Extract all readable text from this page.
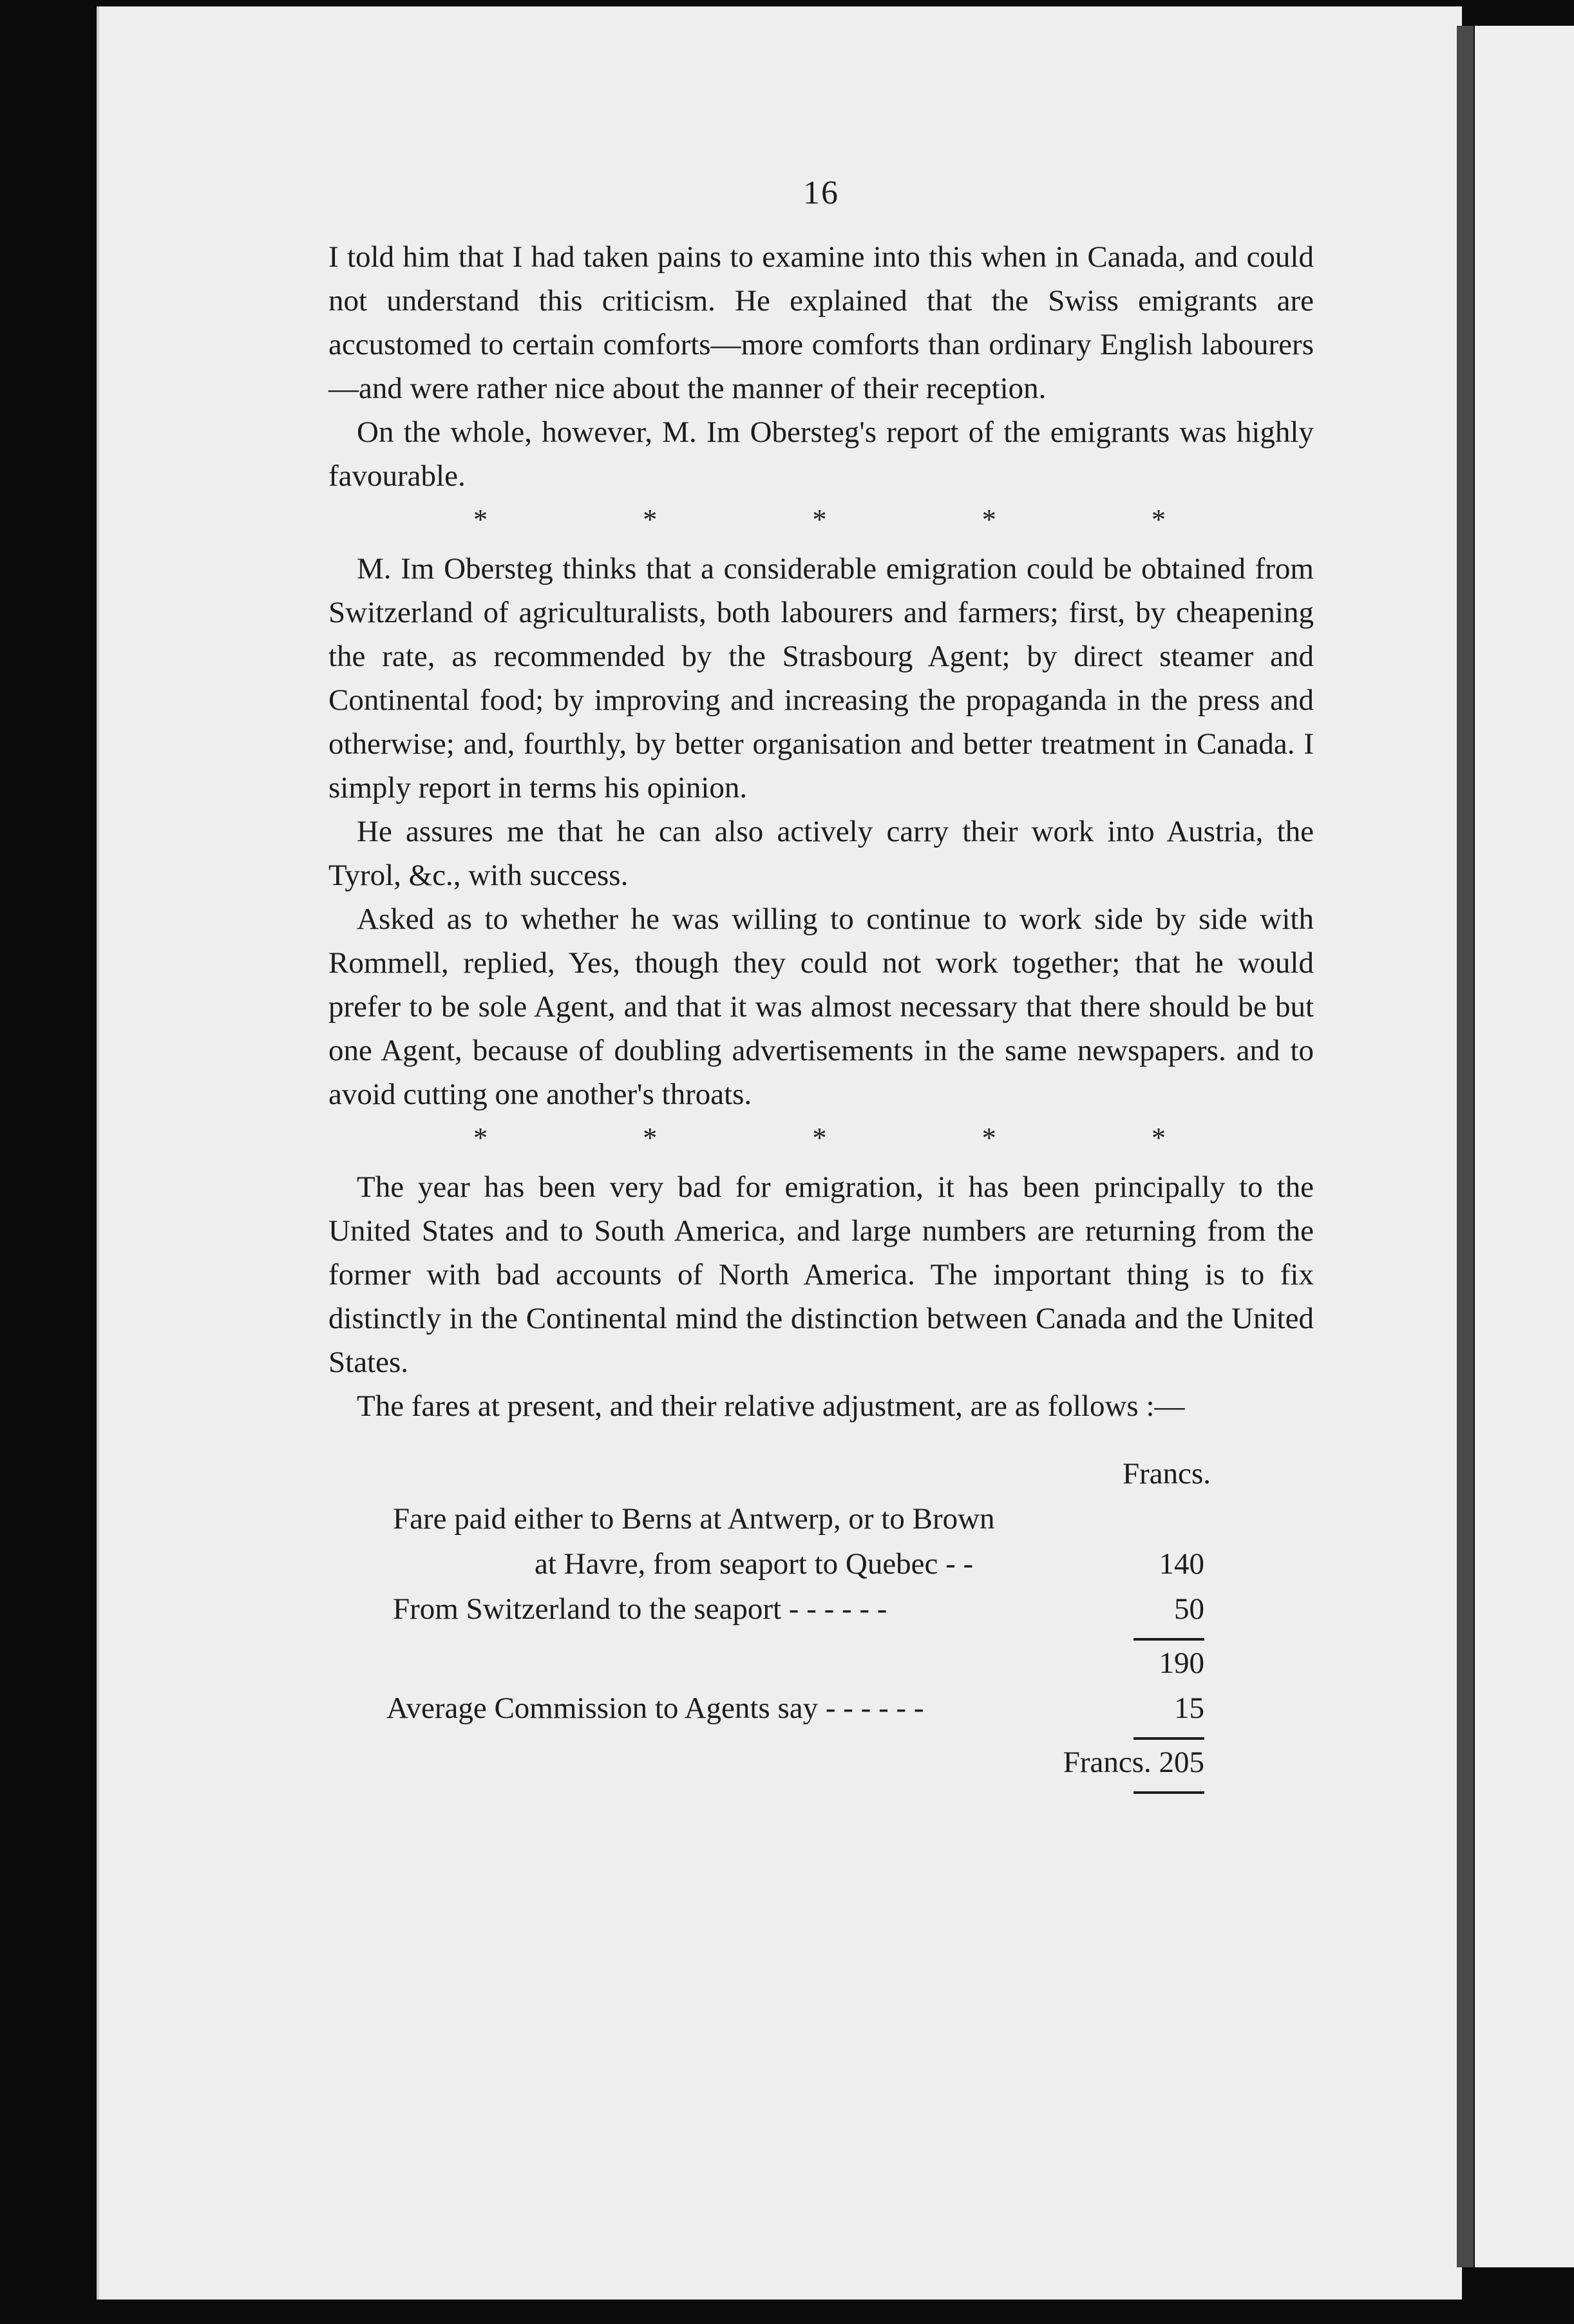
16

I told him that I had taken pains to examine into this when in Canada, and could not understand this criticism. He explained that the Swiss emigrants are accustomed to certain comforts—more comforts than ordinary English labourers—and were rather nice about the manner of their reception.

On the whole, however, M. Im Obersteg's report of the emigrants was highly favourable.

*	*	*	*	*

M. Im Obersteg thinks that a considerable emigration could be obtained from Switzerland of agriculturalists, both labourers and farmers; first, by cheapening the rate, as recommended by the Strasbourg Agent; by direct steamer and Continental food; by improving and increasing the propaganda in the press and otherwise; and, fourthly, by better organisation and better treatment in Canada. I simply report in terms his opinion.

He assures me that he can also actively carry their work into Austria, the Tyrol, &c., with success.

Asked as to whether he was willing to continue to work side by side with Rommell, replied, Yes, though they could not work together; that he would prefer to be sole Agent, and that it was almost necessary that there should be but one Agent, because of doubling advertisements in the same newspapers. and to avoid cutting one another's throats.

*	*	*	*	*

The year has been very bad for emigration, it has been principally to the United States and to South America, and large numbers are returning from the former with bad accounts of North America. The important thing is to fix distinctly in the Continental mind the distinction between Canada and the United States.

The fares at present, and their relative adjustment, are as follows :—

Francs.
Fare paid either to Berns at Antwerp, or to Brown
at Havre, from seaport to Quebec - -	140
From Switzerland to the seaport - - - - - -	50
190
Average Commission to Agents say - - - - - -	15
Francs. 205
